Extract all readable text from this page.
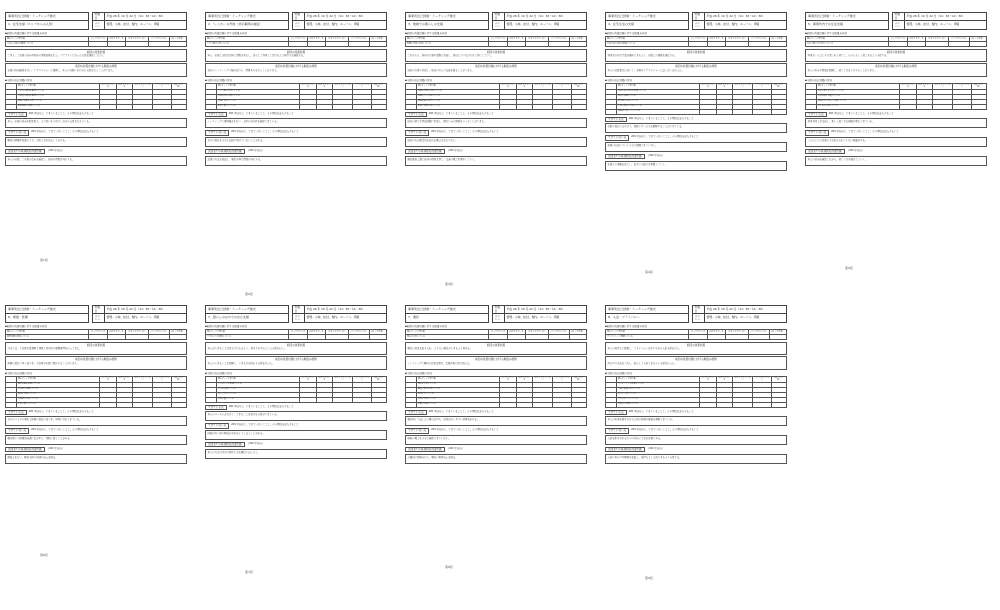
事業所自己評価・ミーティング様式
1．在宅支援（エリアからの入所）
実施日	平成 26 年 10 月 22 日（11：30〜14：30）
メンバー	管理、小林、松村、堀内、ホーソン、伊藤
◆前回の改善計画に対する取組み状況
個人チェック集計数	よくできている	ほぼできている	あまりできていない	全くできていない	DF（非実施）
ご本人の意向を確認している					
前回の改善計画
ご本人・ご家族の意向や地域の情報収集を行う。ケアプランに沿った支援を継続して行う。
前回の改善計画に対する取組み結果
家族の意向確認を行い、ケアマネジャーと連携し、本人の状態にあわせた支援を行うことができた。
◆今回の自己評価の状況
	個人チェック集計数	よくできている	ほぼできている	あまりできていない	全くできていない	DF（非実施）
	ご本人の意向を確認している					
	ご家族の意向を確認している					
	地域の情報を収集している					
	関係機関と連携している					
できている点	200 字以内で、できていることと、その理由を記入すること
本人、家族の意向を聞き取り、その思いを大切にしながら支援を行えている。
できていない点	200 字以内で、できていないことと、その理由を記入すること
職員の経験や知識により、対応に差が出ることがある。
次回までの具体的な改善計画	（200 字以内）
本人の状態、ご家族の意向を確認し、地域の情報を共有する。
第1回
事業所自己評価・ミーティング様式
2．「いこか」の実地（対応事例の検証）
実施日	平成 26 年 10 月 22 日（11：30〜14：30）
メンバー	管理、小林、松村、堀内、ホーソン、伊藤
◆前回の改善計画に対する取組み状況
個人チェック集計数	よくできている	ほぼできている	あまりできていない	全くできていない	DF（非実施）
ケア方針を共有している					
前回の改善計画
本人・家族と支援者が同じ情報を共有し、安心して利用して頂けるよう関わりを継続する。
前回の改善計画に対する取組み結果
毎月のミーティングで検討を行い、情報共有を行うことができた。
◆今回の自己評価の状況
	個人チェック集計数	よくできている	ほぼできている	あまりできていない	全くできていない	DF（非実施）
	ケア方針を共有している					
	支援内容を見直している					
	記録を活用している					
	家族に報告している					
できている点	200 字以内で、できていることと、その理由を記入すること
ミーティングで事例検討を行い、支援の方向性を確認できている。
できていない点	200 字以内で、できていないことと、その理由を記入すること
日々の変化を十分に記録に残せていないことがある。
次回までの具体的な改善計画	（200 字以内）
記録の方法を見直し、職員全体で情報を共有する。
第2回
事業所自己評価・ミーティング様式
3．地域での暮らしの支援
実施日	平成 26 年 10 月 22 日（11：30〜14：30）
メンバー	管理、小林、松村、堀内、ホーソン、伊藤
◆前回の改善計画に対する取組み状況
個人チェック集計数	よくできている	ほぼできている	あまりできていない	全くできていない	DF（非実施）
地域の行事に参加している					
前回の改善計画
これからも、地域の行事や活動に参加し、地域とのつながりを大切にしていく。
前回の改善計画に対する取組み結果
地域の行事へ参加し、地域の方との交流を図ることができた。
◆今回の自己評価の状況
	個人チェック集計数	よくできている	ほぼできている	あまりできていない	全くできていない	DF（非実施）
	地域の行事に参加している					
	地域の方と交流している					
	地域資源を活用している					
	近隣と関係を築いている					
できている点	200 字以内で、できていることと、その理由を記入すること
地域の祭りや清掃活動に参加し、顔なじみの関係をつくることができた。
できていない点	200 字以内で、できていないことと、その理由を記入すること
地域の方が事業所を訪れる機会がまだ少ない。
次回までの具体的な改善計画	（200 字以内）
運営推進会議で地域の情報を得て、交流の機会を増やしていく。
第3回
事業所自己評価・ミーティング様式
4．在宅生活の支援
実施日	平成 26 年 10 月 22 日（11：30〜14：30）
メンバー	管理、小林、松村、堀内、ホーソン、伊藤
◆前回の改善計画に対する取組み状況
個人チェック集計数	よくできている	ほぼできている	あまりできていない	全くできていない	DF（非実施）
在宅生活の状況を把握している					
前回の改善計画
利用者の在宅生活が継続できるよう、家族との連携を強化する。
前回の改善計画に対する取組み結果
本人の状態変化に応じて、家族やケアマネジャーと話し合いを行った。
◆今回の自己評価の状況
	個人チェック集計数	よくできている	ほぼできている	あまりできていない	全くできていない	DF（非実施）
	在宅生活の状況を把握している					
	家族と連携している					
	緊急時に対応している					
	生活の変化に対応している					
	関係者と話し合っている					
できている点	200 字以内で、できていることと、その理由を記入すること
状態の変化に合わせて、柔軟にサービスを調整することができている。
できていない点	200 字以内で、できていないことと、その理由を記入すること
夜間の状況について十分に把握できていない。
次回までの具体的な改善計画	（200 字以内）
家族との連絡を密にし、在宅での様子を把握していく。
第4回
事業所自己評価・ミーティング様式
5．事業所内での生活支援
実施日	平成 26 年 10 月 22 日（11：30〜14：30）
メンバー	管理、小林、松村、堀内、ホーソン、伊藤
◆前回の改善計画に対する取組み状況
個人チェック集計数	よくできている	ほぼできている	あまりできていない	全くできていない	DF（非実施）
本人の思いを大切にしている					
前回の改善計画
利用者一人ひとりの思いを大切にし、その人らしく過ごせるよう支援する。
前回の改善計画に対する取組み結果
本人の好みや習慣を把握し、過ごし方を工夫することができた。
◆今回の自己評価の状況
	個人チェック集計数	よくできている	ほぼできている	あまりできていない	全くできていない	DF（非実施）
	本人の思いを大切にしている					
	生活習慣を尊重している					
	役割を持てるよう支援している					
	楽しみを支援している					
できている点	200 字以内で、できていることと、その理由を記入すること
利用者同士が交流し、楽しく過ごせる場面が増えてきている。
できていない点	200 字以内で、できていないことと、その理由を記入すること
一人ひとりの希望に十分応えられていない場面がある。
次回までの具体的な改善計画	（200 字以内）
本人の意向を確認しながら、過ごし方を検討していく。
第5回
事業所自己評価・ミーティング様式
6．健康・医療
実施日	平成 26 年 10 月 22 日（11：30〜14：30）
メンバー	管理、小林、松村、堀内、ホーソン、伊藤
◆前回の改善計画に対する取組み状況
個人チェック集計数	よくできている	ほぼできている	あまりできていない	全くできていない	DF（非実施）
健康状態を把握している					
前回の改善計画
今までは、主治医や看護師と連携し利用者の健康管理を行ってきた。
前回の改善計画に対する取組み結果
体調の変化に早く気づき、主治医や家族に報告することができた。
◆今回の自己評価の状況
	個人チェック集計数	よくできている	ほぼできている	あまりできていない	全くできていない	DF（非実施）
	健康状態を把握している					
	主治医と連携している					
	服薬を管理している					
	急変時に対応している					
	家族に報告している					
できている点	200 字以内で、できていることと、その理由を記入すること
日々のバイタル測定で体調の変化に気づき、早期に対応できている。
できていない点	200 字以内で、できていないことと、その理由を記入すること
職員間での医療的知識に差があり、判断に迷うことがある。
次回までの具体的な改善計画	（200 字以内）
勉強会を行い、職員全体の知識の向上を図る。
第6回
事業所自己評価・ミーティング様式
7．暮らしのなかでの自立支援
実施日	平成 26 年 10 月 22 日（11：30〜14：30）
メンバー	管理、小林、松村、堀内、ホーソン、伊藤
◆前回の改善計画に対する取組み状況
個人チェック集計数	よくできている	ほぼできている	あまりできていない	全くできていない	DF（非実施）
できることを把握している					
前回の改善計画
本人ができることは自分で行えるよう、見守りを中心とした支援を行う。
前回の改善計画に対する取組み結果
本人のできることを把握し、できる力を活かす支援を行った。
◆今回の自己評価の状況
	個人チェック集計数	よくできている	ほぼできている	あまりできていない	全くできていない	DF（非実施）
	できることを把握している					
	自立を支援している					
	見守りを行っている					
	環境を整えている					
できている点	200 字以内で、できていることと、その理由を記入すること
本人のペースに合わせて、できることを見守る支援ができている。
できていない点	200 字以内で、できていないことと、その理由を記入すること
時間がない時に職員が手を出してしまうことがある。
次回までの具体的な改善計画	（200 字以内）
本人の力を引き出す関わり方を職員で話し合う。
第7回
事業所自己評価・ミーティング様式
7．運営
実施日	平成 26 年 10 月 22 日（11：30〜14：30）
メンバー	管理、小林、松村、堀内、ホーソン、伊藤
◆前回の改善計画に対する取組み状況
個人チェック集計数	よくできている	ほぼできている	あまりできていない	全くできていない	DF（非実施）
理念を共有している					
前回の改善計画
職員の意見を取り入れ、より良い運営ができるよう努める。
前回の改善計画に対する取組み結果
ミーティングで職員の意見を聞き、業務改善に取り組んだ。
◆今回の自己評価の状況
	個人チェック集計数	よくできている	ほぼできている	あまりできていない	全くできていない	DF（非実施）
	理念を共有している					
	職員の意見を聞いている					
	研修を行っている					
	業務を見直している					
	情報を公開している					
できている点	200 字以内で、できていることと、その理由を記入すること
職員同士で話し合う機会を持ち、意見を出しやすい雰囲気がある。
できていない点	200 字以内で、できていないことと、その理由を記入すること
研修の機会を十分に確保できていない。
次回までの具体的な改善計画	（200 字以内）
計画的に研修を行い、職員の資質向上を図る。
第8回
事業所自己評価・ミーティング様式
8．入浴・プライバシー
実施日	平成 26 年 10 月 22 日（11：30〜14：30）
メンバー	管理、小林、松村、堀内、ホーソン、伊藤
◆前回の改善計画に対する取組み状況
個人チェック集計数	よくできている	ほぼできている	あまりできていない	全くできていない	DF（非実施）
プライバシーに配慮している					
前回の改善計画
本人の気持ちに配慮し、プライバシーを守りながら入浴支援を行う。
前回の改善計画に対する取組み結果
声かけの方法を工夫し、安心して入浴できるよう支援を行った。
◆今回の自己評価の状況
	個人チェック集計数	よくできている	ほぼできている	あまりできていない	全くできていない	DF（非実施）
	プライバシーに配慮している					
	入浴の希望に応えている					
	安全に入浴している					
	声かけを工夫している					
	羞恥心に配慮している					
できている点	200 字以内で、できていることと、その理由を記入すること
本人の希望を聞きながら入浴の時間や順番を調整できている。
できていない点	200 字以内で、できていないことと、その理由を記入すること
入浴を拒否される方への対応に工夫が必要である。
次回までの具体的な改善計画	（200 字以内）
入浴の声かけや環境を見直し、気持ちよく入浴できるよう支援する。
第9回
